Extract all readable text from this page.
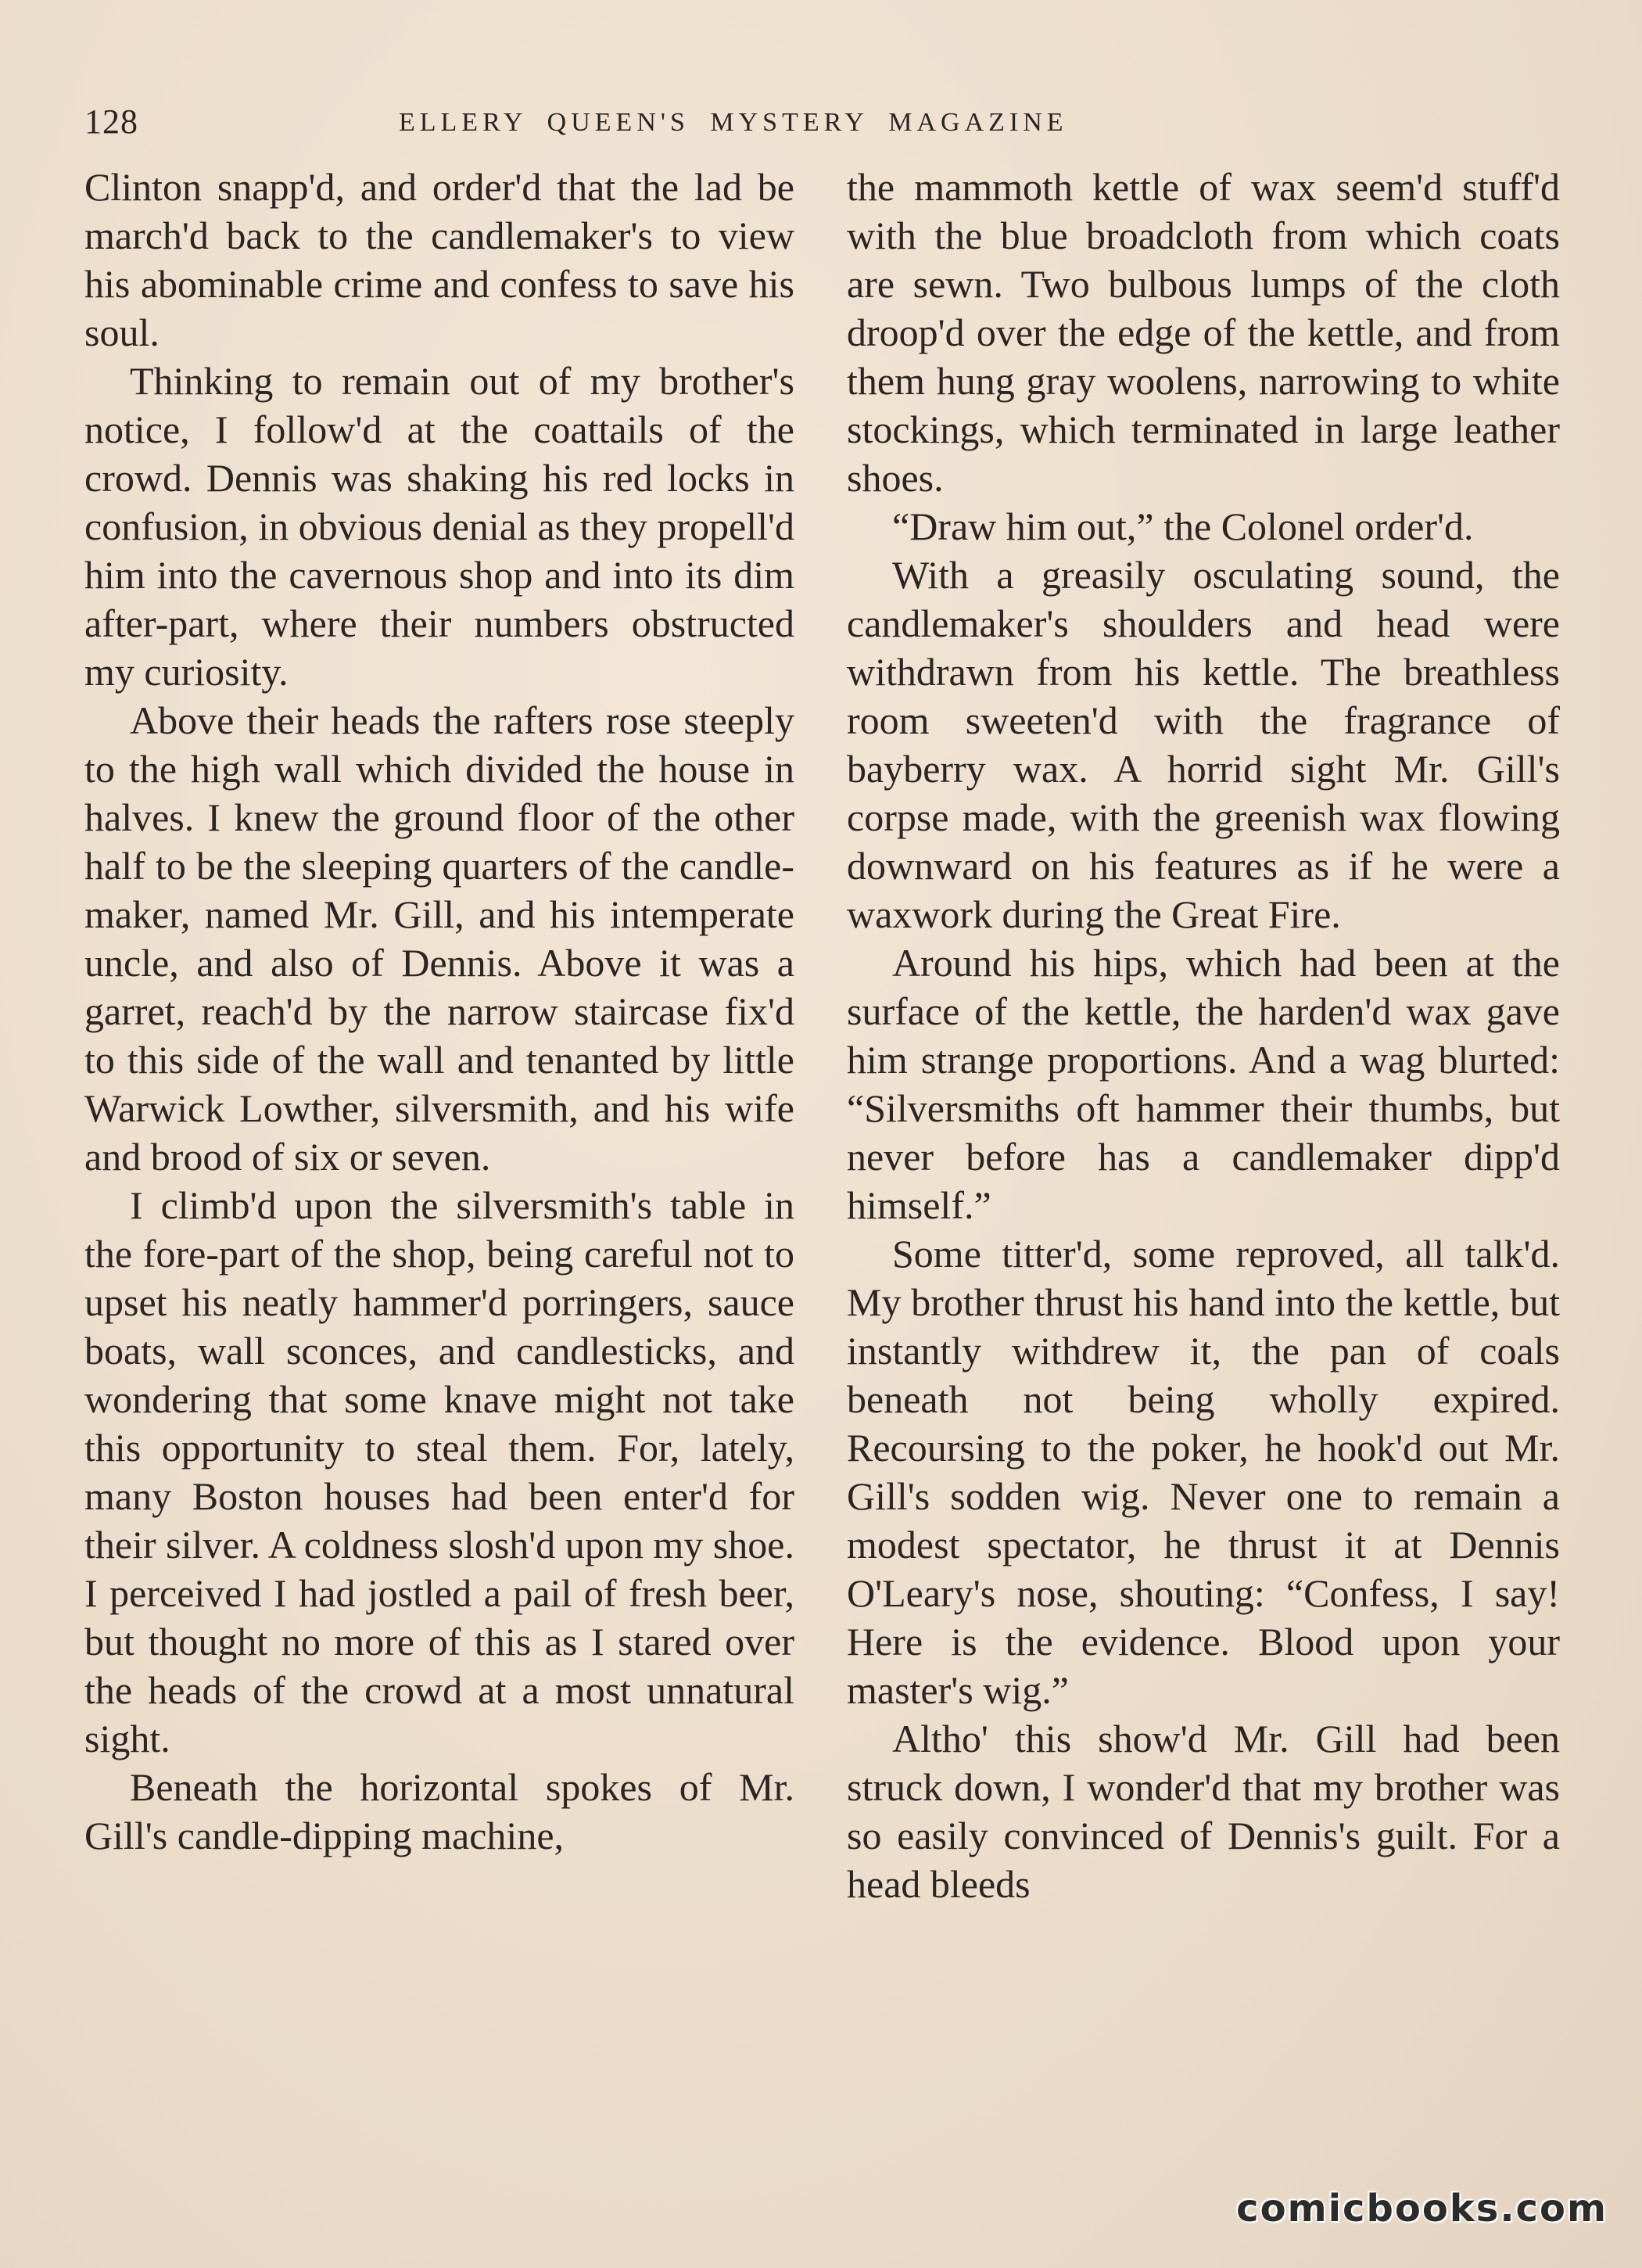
128	ELLERY QUEEN'S MYSTERY MAGAZINE

Clinton snapp'd, and order'd that the lad be march'd back to the candlemaker's to view his abominable crime and confess to save his soul.

Thinking to remain out of my brother's notice, I follow'd at the coattails of the crowd. Dennis was shaking his red locks in confusion, in obvious denial as they propell'd him into the cavernous shop and into its dim after-part, where their numbers obstructed my curiosity.

Above their heads the rafters rose steeply to the high wall which divided the house in halves. I knew the ground floor of the other half to be the sleeping quarters of the candlemaker, named Mr. Gill, and his intemperate uncle, and also of Dennis. Above it was a garret, reach'd by the narrow staircase fix'd to this side of the wall and tenanted by little Warwick Lowther, silversmith, and his wife and brood of six or seven.

I climb'd upon the silversmith's table in the fore-part of the shop, being careful not to upset his neatly hammer'd porringers, sauce boats, wall sconces, and candlesticks, and wondering that some knave might not take this opportunity to steal them. For, lately, many Boston houses had been enter'd for their silver. A coldness slosh'd upon my shoe. I perceived I had jostled a pail of fresh beer, but thought no more of this as I stared over the heads of the crowd at a most unnatural sight.

Beneath the horizontal spokes of Mr. Gill's candle-dipping machine,

the mammoth kettle of wax seem'd stuff'd with the blue broadcloth from which coats are sewn. Two bulbous lumps of the cloth droop'd over the edge of the kettle, and from them hung gray woolens, narrowing to white stockings, which terminated in large leather shoes.

“Draw him out,” the Colonel order'd.

With a greasily osculating sound, the candlemaker's shoulders and head were withdrawn from his kettle. The breathless room sweeten'd with the fragrance of bayberry wax. A horrid sight Mr. Gill's corpse made, with the greenish wax flowing downward on his features as if he were a waxwork during the Great Fire.

Around his hips, which had been at the surface of the kettle, the harden'd wax gave him strange proportions. And a wag blurted: “Silversmiths oft hammer their thumbs, but never before has a candlemaker dipp'd himself.”

Some titter'd, some reproved, all talk'd. My brother thrust his hand into the kettle, but instantly withdrew it, the pan of coals beneath not being wholly expired. Recoursing to the poker, he hook'd out Mr. Gill's sodden wig. Never one to remain a modest spectator, he thrust it at Dennis O'Leary's nose, shouting: “Confess, I say! Here is the evidence. Blood upon your master's wig.”

Altho' this show'd Mr. Gill had been struck down, I wonder'd that my brother was so easily convinced of Dennis's guilt. For a head bleeds

comicbooks.com
